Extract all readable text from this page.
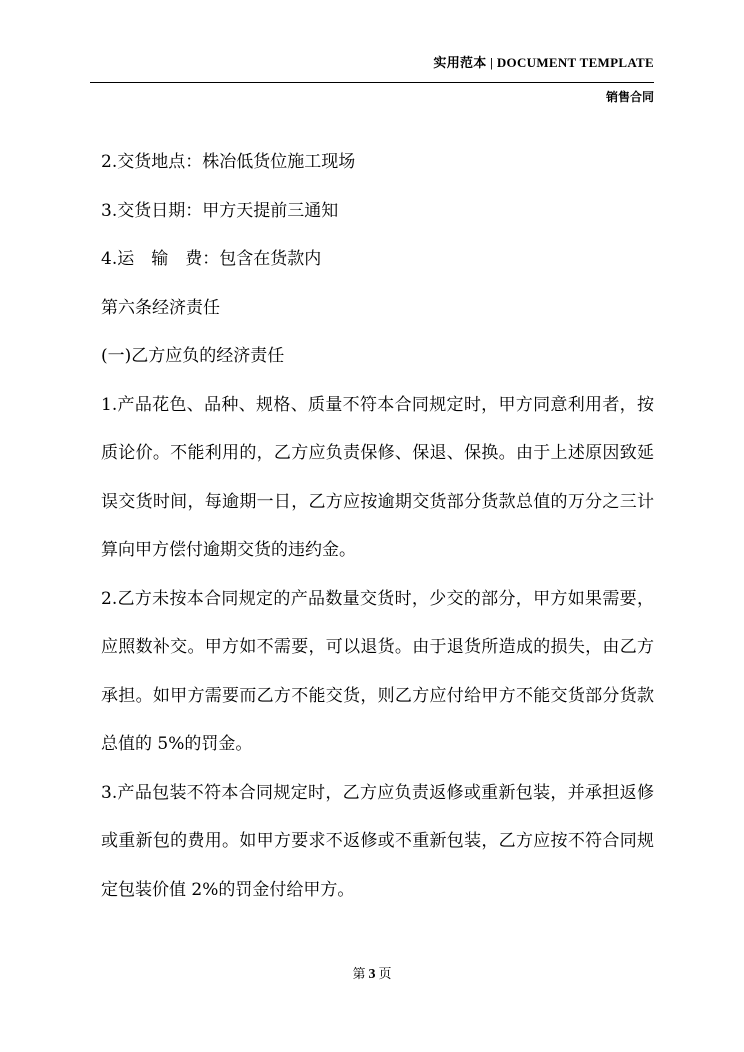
实用范本 | DOCUMENT TEMPLATE
销售合同

2.交货地点：株冶低货位施工现场

3.交货日期：甲方天提前三通知

4.运　输　费：包含在货款内

第六条经济责任

(一)乙方应负的经济责任

1.产品花色、品种、规格、质量不符本合同规定时，甲方同意利用者，按质论价。不能利用的，乙方应负责保修、保退、保换。由于上述原因致延误交货时间，每逾期一日，乙方应按逾期交货部分货款总值的万分之三计算向甲方偿付逾期交货的违约金。

2.乙方未按本合同规定的产品数量交货时，少交的部分，甲方如果需要，应照数补交。甲方如不需要，可以退货。由于退货所造成的损失，由乙方承担。如甲方需要而乙方不能交货，则乙方应付给甲方不能交货部分货款总值的 5%的罚金。

3.产品包装不符本合同规定时，乙方应负责返修或重新包装，并承担返修或重新包的费用。如甲方要求不返修或不重新包装，乙方应按不符合同规定包装价值 2%的罚金付给甲方。

第 3 页
